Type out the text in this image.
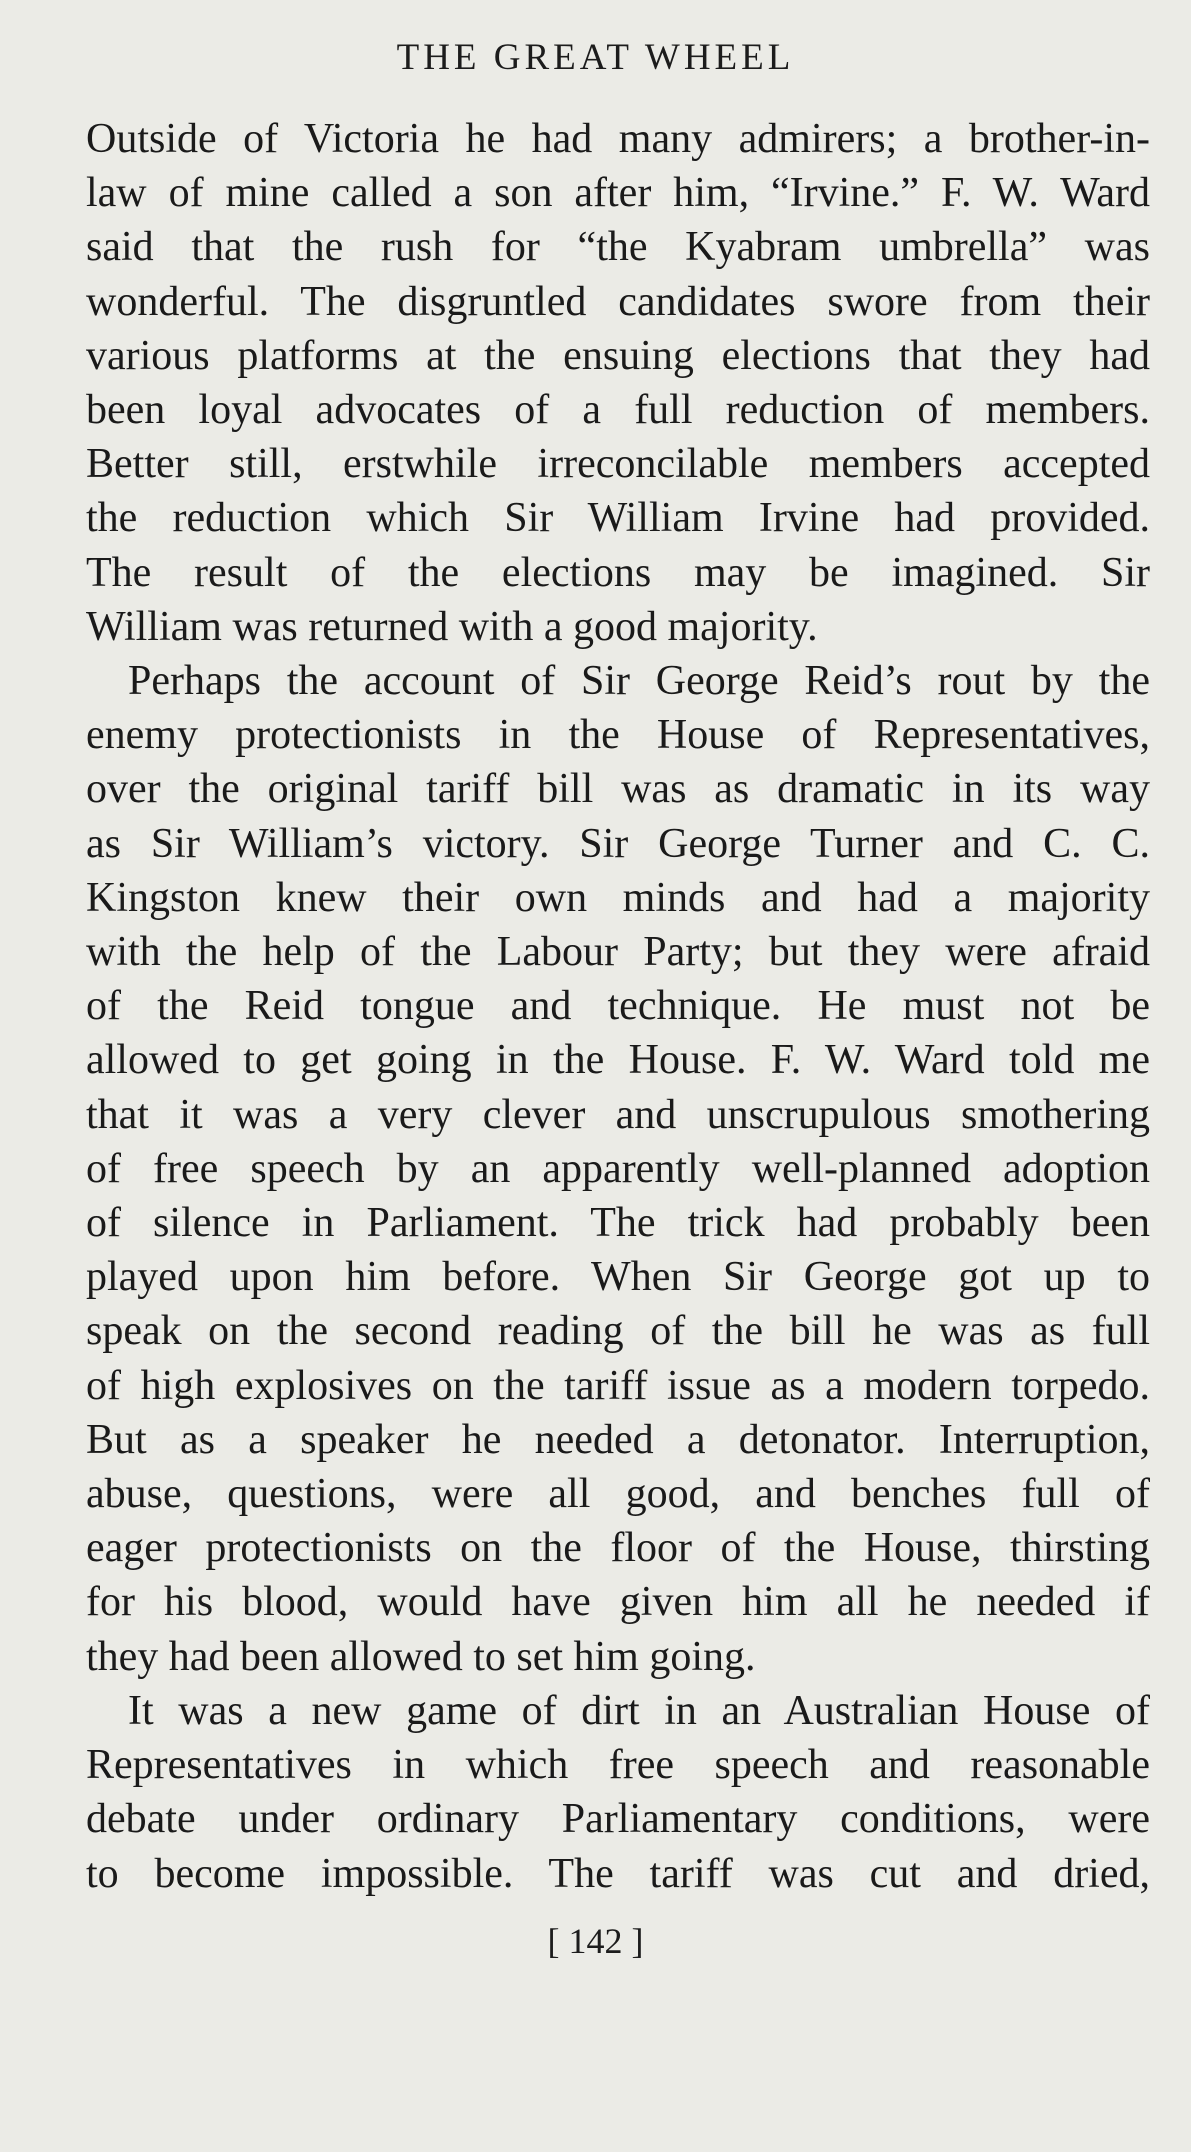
THE GREAT WHEEL

Outside of Victoria he had many admirers; a brother-in-
law of mine called a son after him, “Irvine.” F. W. Ward
said that the rush for “the Kyabram umbrella” was
wonderful. The disgruntled candidates swore from their
various platforms at the ensuing elections that they had
been loyal advocates of a full reduction of members.
Better still, erstwhile irreconcilable members accepted
the reduction which Sir William Irvine had provided.
The result of the elections may be imagined. Sir
William was returned with a good majority.

Perhaps the account of Sir George Reid’s rout by the
enemy protectionists in the House of Representatives,
over the original tariff bill was as dramatic in its way
as Sir William’s victory. Sir George Turner and C. C.
Kingston knew their own minds and had a majority
with the help of the Labour Party; but they were afraid
of the Reid tongue and technique. He must not be
allowed to get going in the House. F. W. Ward told me
that it was a very clever and unscrupulous smothering
of free speech by an apparently well-planned adoption
of silence in Parliament. The trick had probably been
played upon him before. When Sir George got up to
speak on the second reading of the bill he was as full
of high explosives on the tariff issue as a modern torpedo.
But as a speaker he needed a detonator. Interruption,
abuse, questions, were all good, and benches full of
eager protectionists on the floor of the House, thirsting
for his blood, would have given him all he needed if
they had been allowed to set him going.

It was a new game of dirt in an Australian House of
Representatives in which free speech and reasonable
debate under ordinary Parliamentary conditions, were
to become impossible. The tariff was cut and dried,

[ 142 ]
